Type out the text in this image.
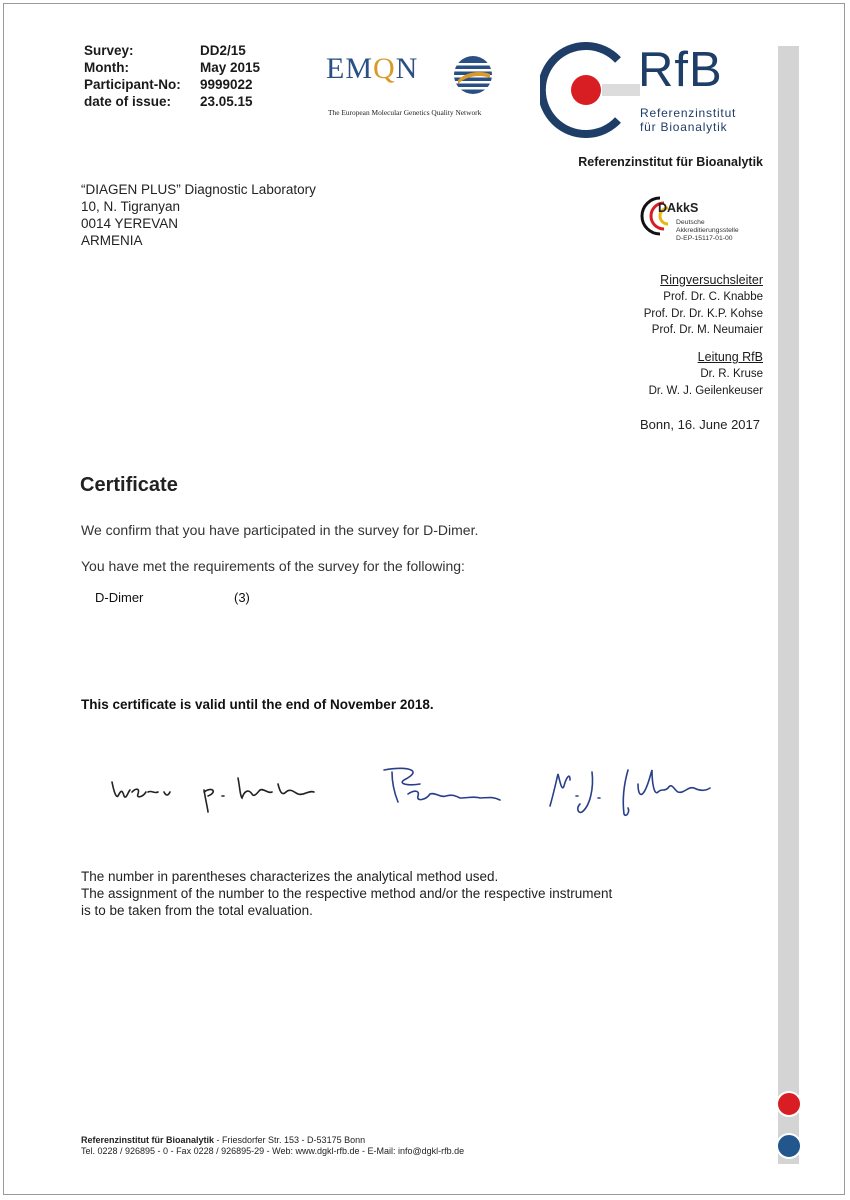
Survey:	DD2/15
Month:	May 2015
Participant-No:	9999022
date of issue:	23.05.15
EMQN
The European Molecular Genetics Quality Network
RfB
Referenzinstitut
für Bioanalytik
Referenzinstitut für Bioanalytik
DAkkS
Deutsche
Akkreditierungsstelle
D-EP-15117-01-00
“DIAGEN PLUS” Diagnostic Laboratory
10, N. Tigranyan
0014 YEREVAN
ARMENIA
Ringversuchsleiter
Prof. Dr. C. Knabbe
Prof. Dr. Dr. K.P. Kohse
Prof. Dr. M. Neumaier
Leitung RfB
Dr. R. Kruse
Dr. W. J. Geilenkeuser
Bonn, 16. June 2017
Certificate
We confirm that you have participated in the survey for D-Dimer.
You have met the requirements of the survey for the following:
D-Dimer	(3)
This certificate is valid until the end of November 2018.
The number in parentheses characterizes the analytical method used.
The assignment of the number to the respective method and/or the respective instrument
is to be taken from the total evaluation.
Referenzinstitut für Bioanalytik - Friesdorfer Str. 153 - D-53175 Bonn
Tel. 0228 / 926895 - 0 - Fax 0228 / 926895-29 - Web: www.dgkl-rfb.de - E-Mail: info@dgkl-rfb.de
